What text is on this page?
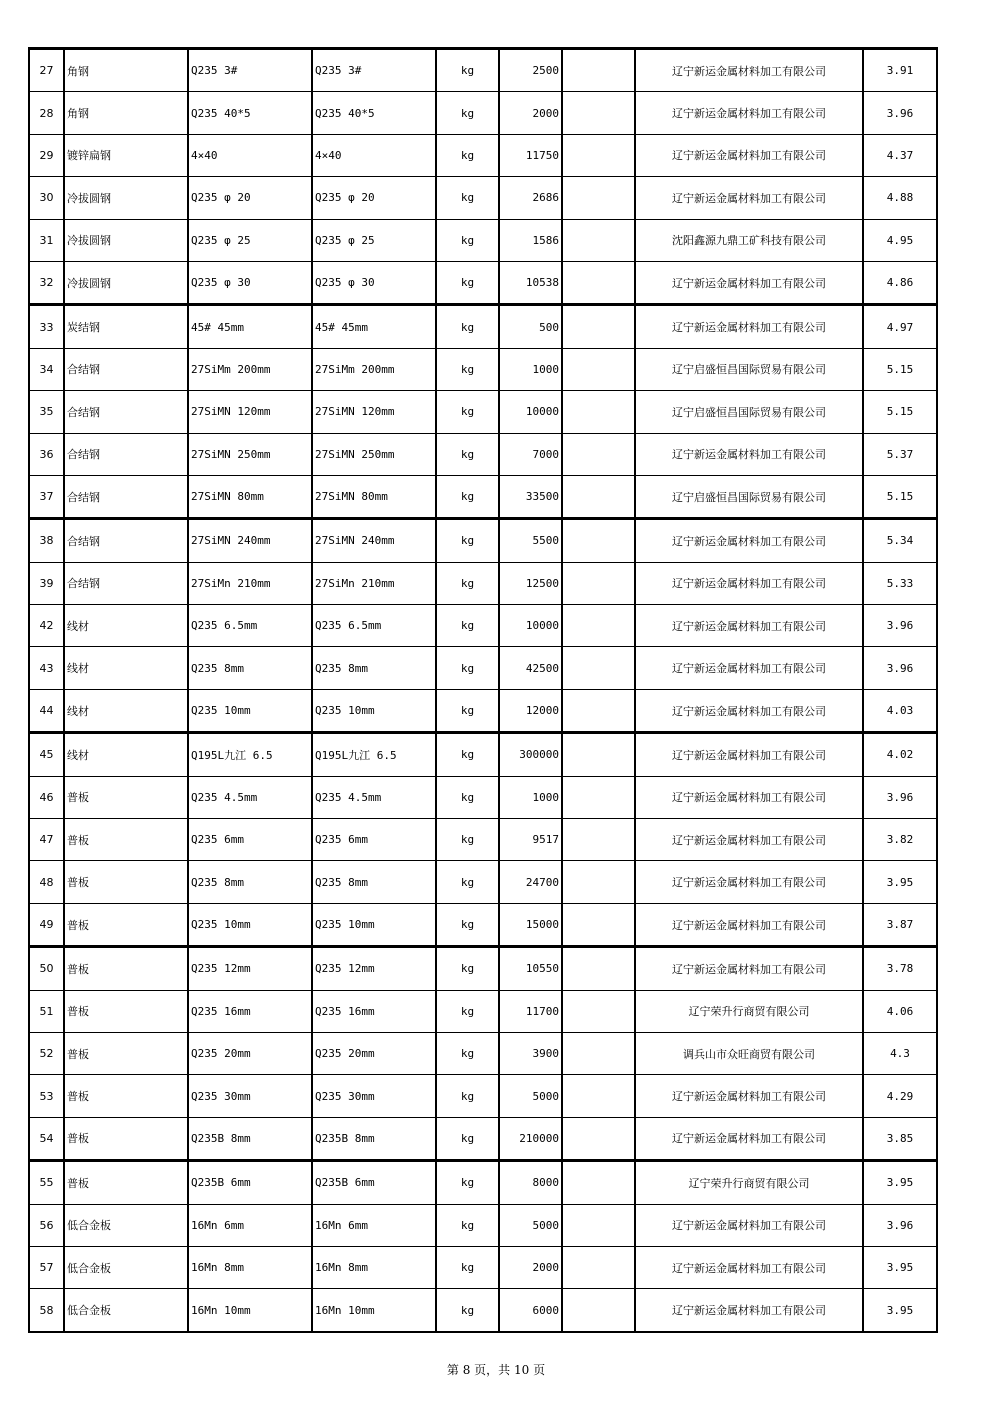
27	角钢	Q235 3#	Q235 3#	kg	2500		辽宁新运金属材料加工有限公司	3.91
28	角钢	Q235 40*5	Q235 40*5	kg	2000		辽宁新运金属材料加工有限公司	3.96
29	镀锌扁钢	4×40	4×40	kg	11750		辽宁新运金属材料加工有限公司	4.37
30	冷拔圆钢	Q235 φ 20	Q235 φ 20	kg	2686		辽宁新运金属材料加工有限公司	4.88
31	冷拔圆钢	Q235 φ 25	Q235 φ 25	kg	1586		沈阳鑫源九鼎工矿科技有限公司	4.95
32	冷拔圆钢	Q235 φ 30	Q235 φ 30	kg	10538		辽宁新运金属材料加工有限公司	4.86
33	炭结钢	45# 45mm	45# 45mm	kg	500		辽宁新运金属材料加工有限公司	4.97
34	合结钢	27SiMm 200mm	27SiMm 200mm	kg	1000		辽宁启盛恒昌国际贸易有限公司	5.15
35	合结钢	27SiMN 120mm	27SiMN 120mm	kg	10000		辽宁启盛恒昌国际贸易有限公司	5.15
36	合结钢	27SiMN 250mm	27SiMN 250mm	kg	7000		辽宁新运金属材料加工有限公司	5.37
37	合结钢	27SiMN 80mm	27SiMN 80mm	kg	33500		辽宁启盛恒昌国际贸易有限公司	5.15
38	合结钢	27SiMN 240mm	27SiMN 240mm	kg	5500		辽宁新运金属材料加工有限公司	5.34
39	合结钢	27SiMn 210mm	27SiMn 210mm	kg	12500		辽宁新运金属材料加工有限公司	5.33
42	线材	Q235 6.5mm	Q235 6.5mm	kg	10000		辽宁新运金属材料加工有限公司	3.96
43	线材	Q235 8mm	Q235 8mm	kg	42500		辽宁新运金属材料加工有限公司	3.96
44	线材	Q235 10mm	Q235 10mm	kg	12000		辽宁新运金属材料加工有限公司	4.03
45	线材	Q195L九江 6.5	Q195L九江 6.5	kg	300000		辽宁新运金属材料加工有限公司	4.02
46	普板	Q235 4.5mm	Q235 4.5mm	kg	1000		辽宁新运金属材料加工有限公司	3.96
47	普板	Q235 6mm	Q235 6mm	kg	9517		辽宁新运金属材料加工有限公司	3.82
48	普板	Q235 8mm	Q235 8mm	kg	24700		辽宁新运金属材料加工有限公司	3.95
49	普板	Q235 10mm	Q235 10mm	kg	15000		辽宁新运金属材料加工有限公司	3.87
50	普板	Q235 12mm	Q235 12mm	kg	10550		辽宁新运金属材料加工有限公司	3.78
51	普板	Q235 16mm	Q235 16mm	kg	11700		辽宁荣升行商贸有限公司	4.06
52	普板	Q235 20mm	Q235 20mm	kg	3900		调兵山市众旺商贸有限公司	4.3
53	普板	Q235 30mm	Q235 30mm	kg	5000		辽宁新运金属材料加工有限公司	4.29
54	普板	Q235B 8mm	Q235B 8mm	kg	210000		辽宁新运金属材料加工有限公司	3.85
55	普板	Q235B 6mm	Q235B 6mm	kg	8000		辽宁荣升行商贸有限公司	3.95
56	低合金板	16Mn 6mm	16Mn 6mm	kg	5000		辽宁新运金属材料加工有限公司	3.96
57	低合金板	16Mn 8mm	16Mn 8mm	kg	2000		辽宁新运金属材料加工有限公司	3.95
58	低合金板	16Mn 10mm	16Mn 10mm	kg	6000		辽宁新运金属材料加工有限公司	3.95
第 8 页，共 10 页
